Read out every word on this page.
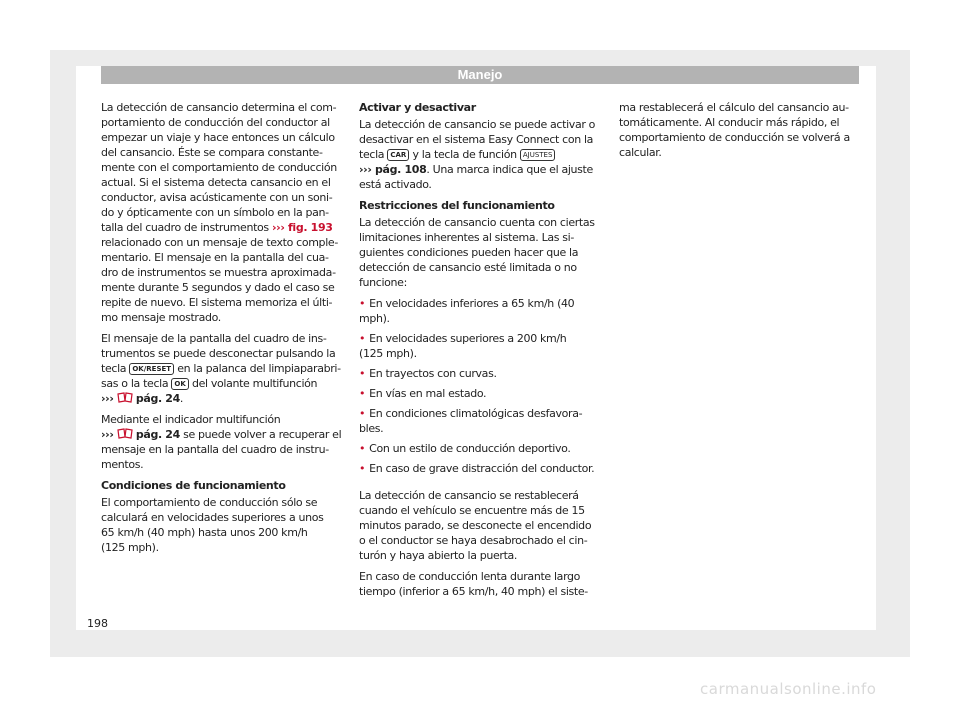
Manejo
La detección de cansancio determina el com-
portamiento de conducción del conductor al
empezar un viaje y hace entonces un cálculo
del cansancio. Éste se compara constante-
mente con el comportamiento de conducción
actual. Si el sistema detecta cansancio en el
conductor, avisa acústicamente con un soni-
do y ópticamente con un símbolo en la pan-
talla del cuadro de instrumentos ››› fig. 193
relacionado con un mensaje de texto comple-
mentario. El mensaje en la pantalla del cua-
dro de instrumentos se muestra aproximada-
mente durante 5 segundos y dado el caso se
repite de nuevo. El sistema memoriza el últi-
mo mensaje mostrado.
El mensaje de la pantalla del cuadro de ins-
trumentos se puede desconectar pulsando la
tecla OK/RESET en la palanca del limpiaparabri-
sas o la tecla OK del volante multifunción
››› pág. 24.
Mediante el indicador multifunción
››› pág. 24 se puede volver a recuperar el
mensaje en la pantalla del cuadro de instru-
mentos.
Condiciones de funcionamiento
El comportamiento de conducción sólo se
calculará en velocidades superiores a unos
65 km/h (40 mph) hasta unos 200 km/h
(125 mph).
Activar y desactivar
La detección de cansancio se puede activar o
desactivar en el sistema Easy Connect con la
tecla CAR y la tecla de función AJUSTES
››› pág. 108. Una marca indica que el ajuste
está activado.
Restricciones del funcionamiento
La detección de cansancio cuenta con ciertas
limitaciones inherentes al sistema. Las si-
guientes condiciones pueden hacer que la
detección de cansancio esté limitada o no
funcione:
• En velocidades inferiores a 65 km/h (40
mph).
• En velocidades superiores a 200 km/h
(125 mph).
• En trayectos con curvas.
• En vías en mal estado.
• En condiciones climatológicas desfavora-
bles.
• Con un estilo de conducción deportivo.
• En caso de grave distracción del conductor.
La detección de cansancio se restablecerá
cuando el vehículo se encuentre más de 15
minutos parado, se desconecte el encendido
o el conductor se haya desabrochado el cin-
turón y haya abierto la puerta.
En caso de conducción lenta durante largo
tiempo (inferior a 65 km/h, 40 mph) el siste-
ma restablecerá el cálculo del cansancio au-
tomáticamente. Al conducir más rápido, el
comportamiento de conducción se volverá a
calcular.
198
carmanualsonline.info
